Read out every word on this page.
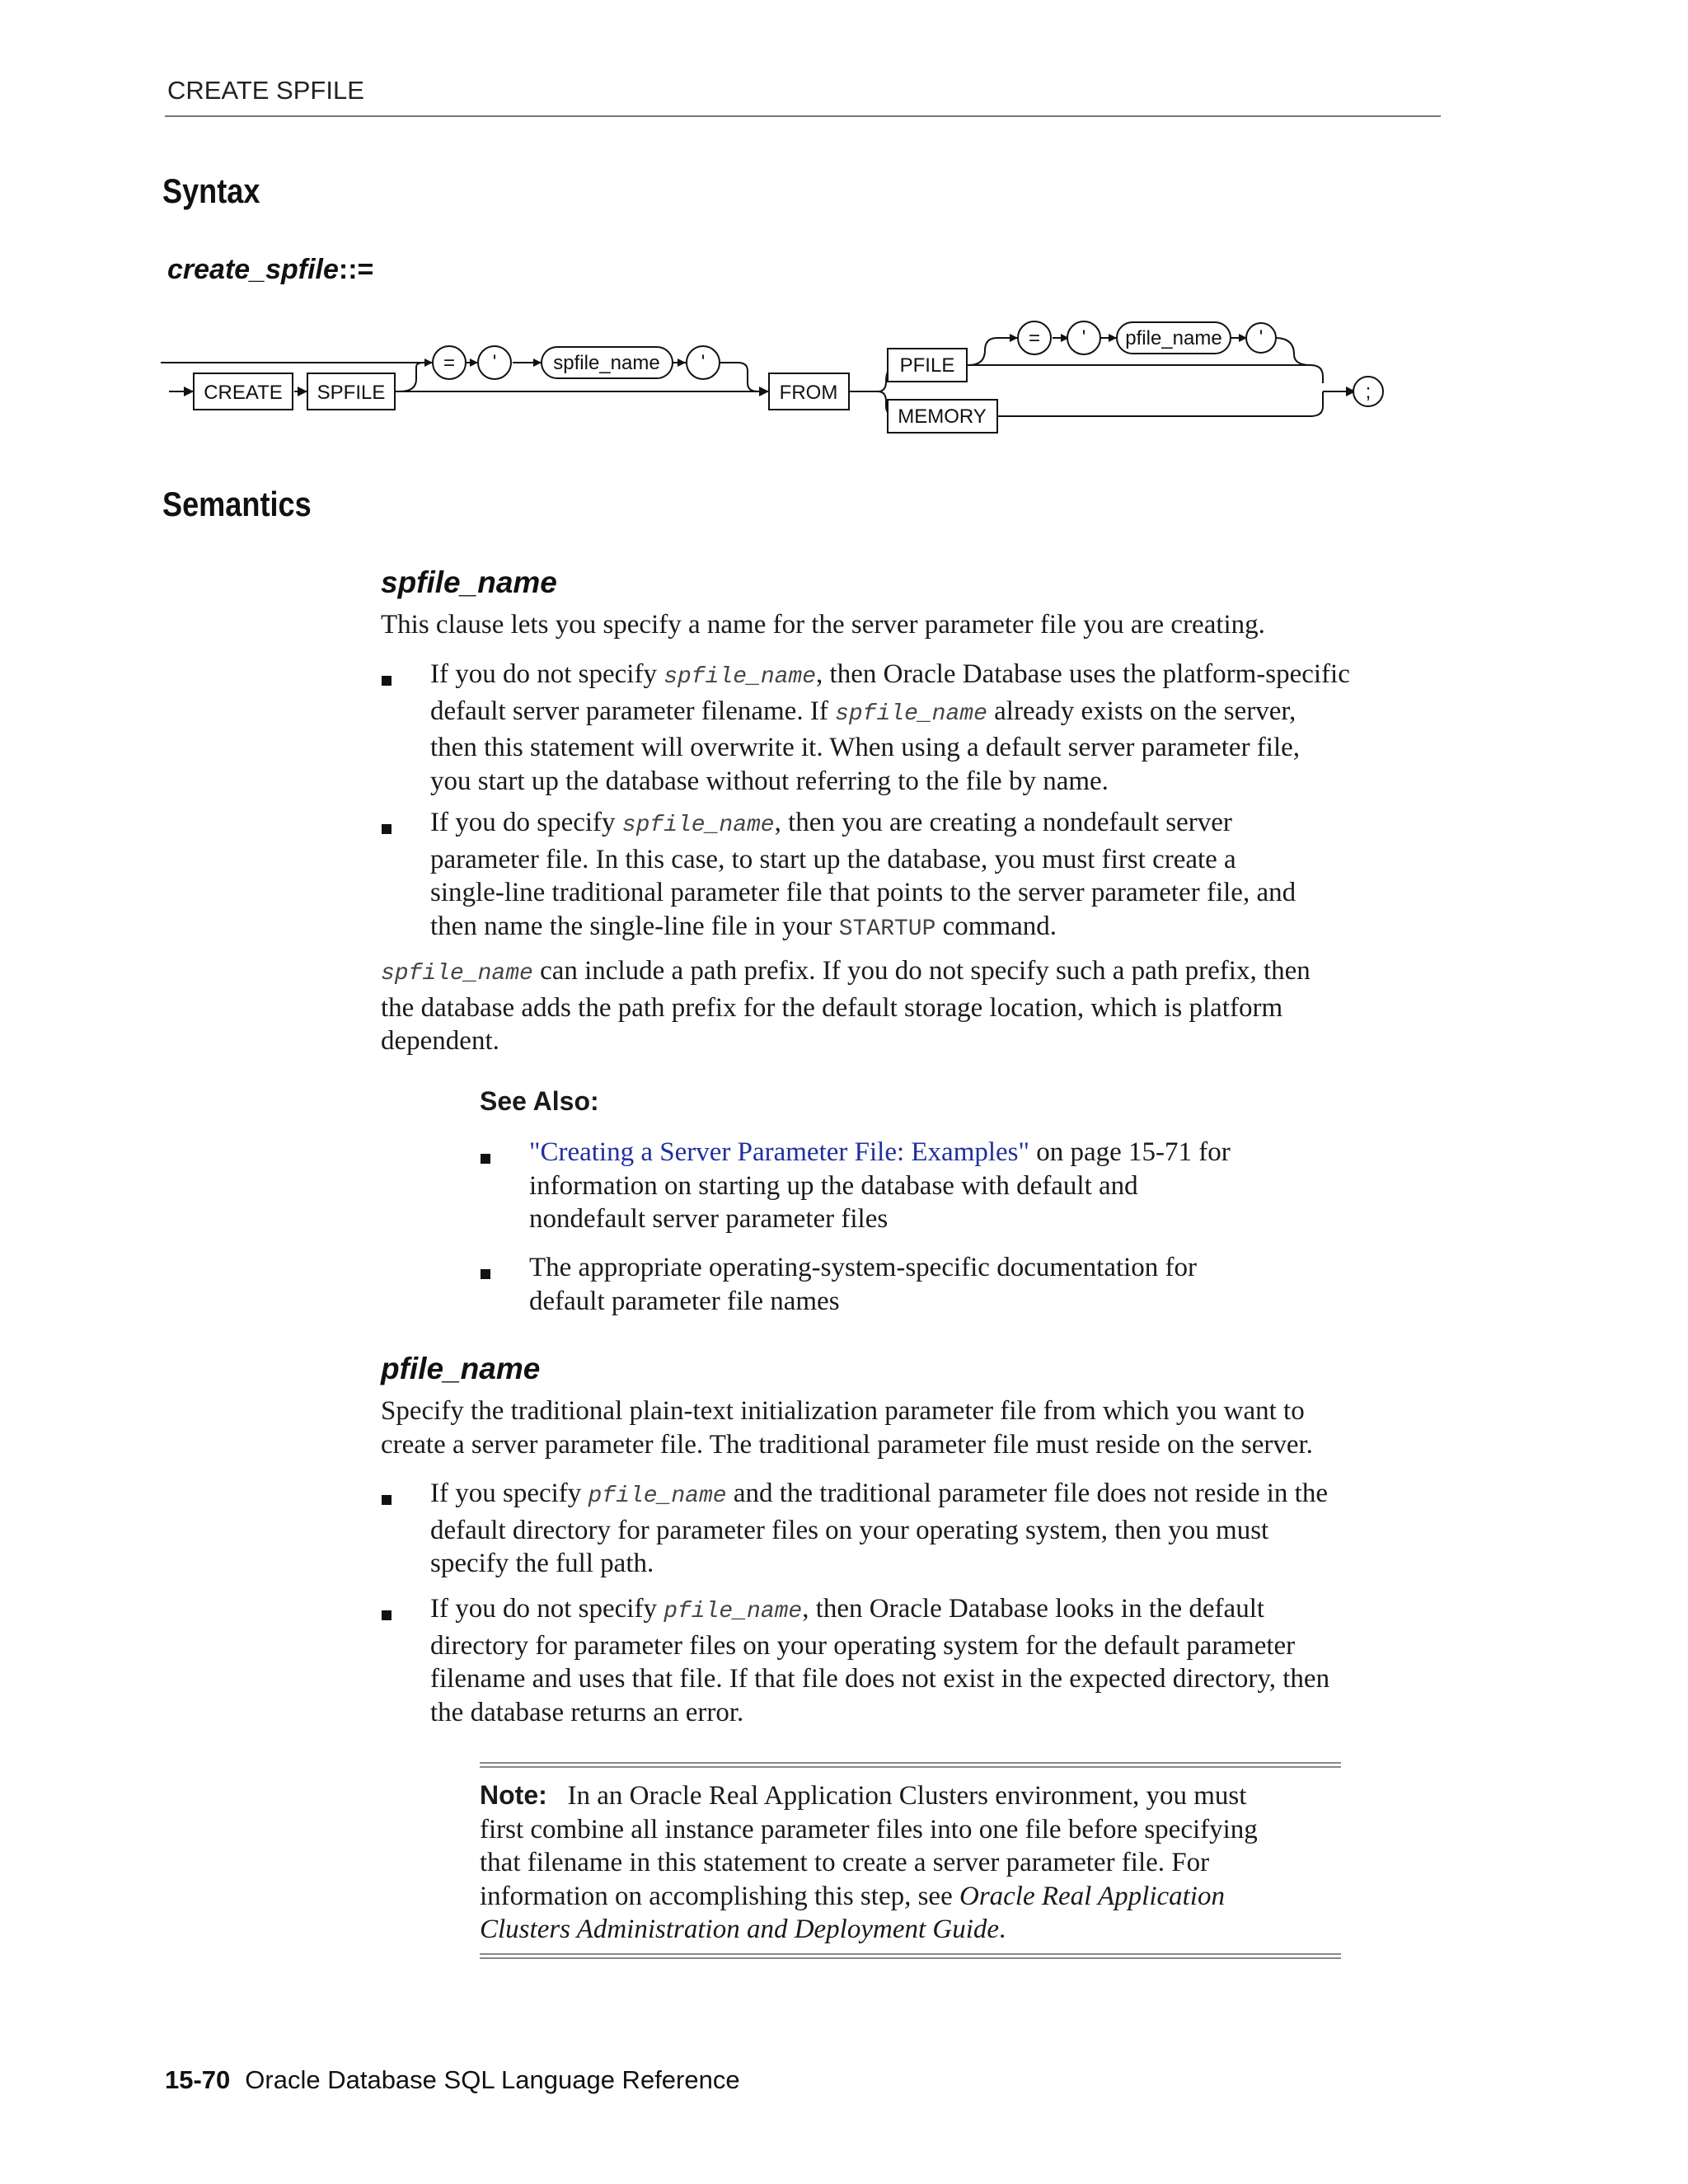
CREATE SPFILE
Syntax
create_spfile::=
CREATE SPFILE	FROM
PFILE
MEMORY
= '	spfile_name '
= ' pfile_name '
;
Semantics
spfile_name
This clause lets you specify a name for the server parameter file you are creating.
If you do not specify spfile_name, then Oracle Database uses the platform-specific
default server parameter filename. If spfile_name already exists on the server,
then this statement will overwrite it. When using a default server parameter file,
you start up the database without referring to the file by name.
If you do specify spfile_name, then you are creating a nondefault server
parameter file. In this case, to start up the database, you must first create a
single-line traditional parameter file that points to the server parameter file, and
then name the single-line file in your STARTUP command.
spfile_name can include a path prefix. If you do not specify such a path prefix, then
the database adds the path prefix for the default storage location, which is platform
dependent.
See Also:
"Creating a Server Parameter File: Examples" on page 15-71 for
information on starting up the database with default and
nondefault server parameter files
The appropriate operating-system-specific documentation for
default parameter file names
pfile_name
Specify the traditional plain-text initialization parameter file from which you want to
create a server parameter file. The traditional parameter file must reside on the server.
If you specify pfile_name and the traditional parameter file does not reside in the
default directory for parameter files on your operating system, then you must
specify the full path.
If you do not specify pfile_name, then Oracle Database looks in the default
directory for parameter files on your operating system for the default parameter
filename and uses that file. If that file does not exist in the expected directory, then
the database returns an error.
Note: In an Oracle Real Application Clusters environment, you must
first combine all instance parameter files into one file before specifying
that filename in this statement to create a server parameter file. For
information on accomplishing this step, see Oracle Real Application
Clusters Administration and Deployment Guide.
15-70 Oracle Database SQL Language Reference
